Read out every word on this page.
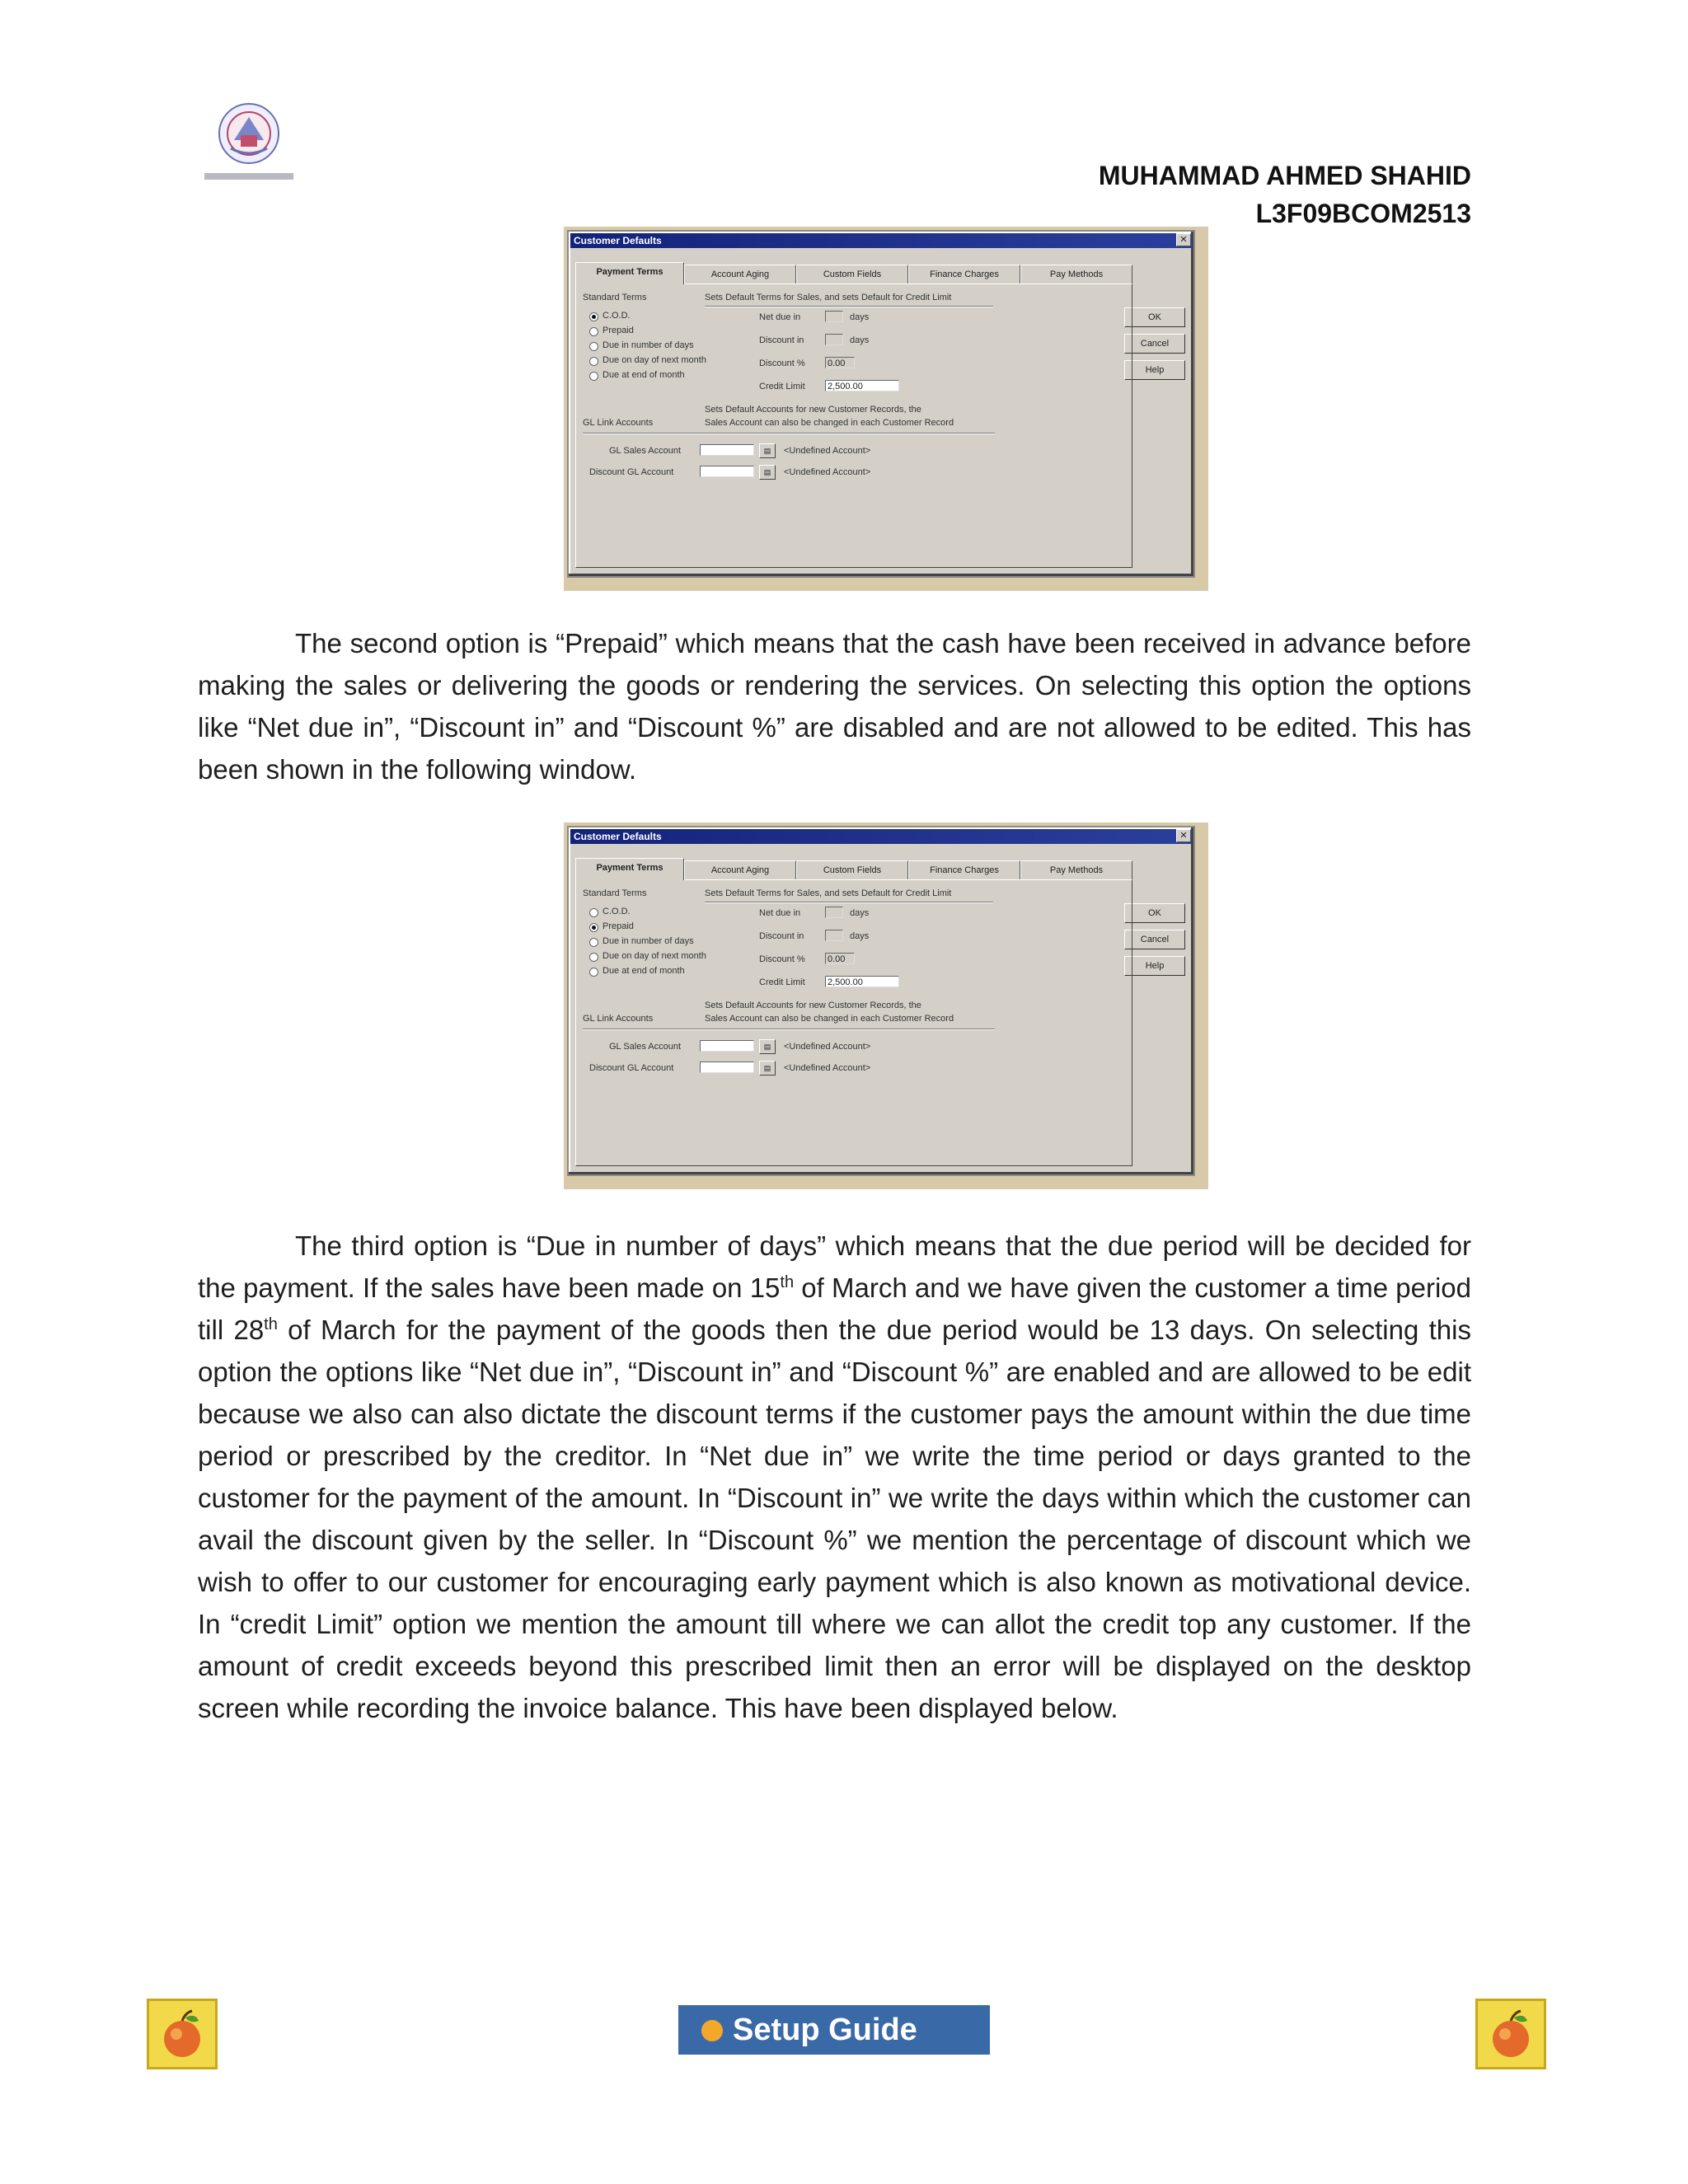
MUHAMMAD AHMED SHAHID
L3F09BCOM2513
Customer Defaults	✕
Payment Terms	Account Aging	Custom Fields	Finance Charges	Pay Methods
OK
Cancel
Help
Standard Terms	Sets Default Terms for Sales, and sets Default for Credit Limit
C.O.D.
Prepaid
Due in number of days
Due on day of next month
Due at end of month
Net due in	days
Discount in	days
Discount % 0.00
Credit Limit 2,500.00
Sets Default Accounts for new Customer Records, the
GL Link Accounts	Sales Account can also be changed in each Customer Record
GL Sales Account	▤	<Undefined Account>
Discount GL Account	▤	<Undefined Account>

The second option is “Prepaid” which means that the cash have been received in advance before making the sales or delivering the goods or rendering the services. On selecting this option the options like “Net due in”, “Discount in” and “Discount %” are disabled and are not allowed to be edited. This has been shown in the following window.

Customer Defaults	✕
Payment Terms	Account Aging	Custom Fields	Finance Charges	Pay Methods
OK
Cancel
Help
Standard Terms	Sets Default Terms for Sales, and sets Default for Credit Limit
C.O.D.
Prepaid
Due in number of days
Due on day of next month
Due at end of month
Net due in	days
Discount in	days
Discount % 0.00
Credit Limit 2,500.00
Sets Default Accounts for new Customer Records, the
GL Link Accounts	Sales Account can also be changed in each Customer Record
GL Sales Account	▤	<Undefined Account>
Discount GL Account	▤	<Undefined Account>

The third option is “Due in number of days” which means that the due period will be decided for the payment. If the sales have been made on 15th of March and we have given the customer a time period till 28th of March for the payment of the goods then the due period would be 13 days. On selecting this option the options like “Net due in”, “Discount in” and “Discount %” are enabled and are allowed to be edit because we also can also dictate the discount terms if the customer pays the amount within the due time period or prescribed by the creditor. In “Net due in” we write the time period or days granted to the customer for the payment of the amount. In “Discount in” we write the days within which the customer can avail the discount given by the seller. In “Discount %” we mention the percentage of discount which we wish to offer to our customer for encouraging early payment which is also known as motivational device. In “credit Limit” option we mention the amount till where we can allot the credit top any customer. If the amount of credit exceeds beyond this prescribed limit then an error will be displayed on the desktop screen while recording the invoice balance. This have been displayed below.

Setup Guide
